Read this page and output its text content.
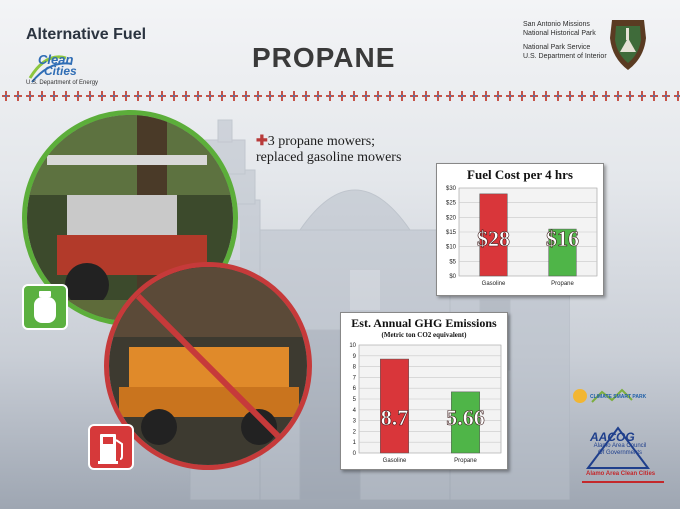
Alternative Fuel
Clean
Cities
U.S. Department of Energy
PROPANE
San Antonio Missions
National Historical Park
National Park Service
U.S. Department of Interior
✚3 propane mowers;
replaced gasoline mowers
Fuel Cost per 4 hrs
$0
$5
$10
$15
$20
$25
$30
Gasoline
$28
Propane
$16
Est. Annual GHG Emissions
(Metric ton CO2 equivalent)
0
1
2
3
4
5
6
7
8
9
10
Gasoline
8.7
Propane
5.66
CLIMATE SMART PARK
AACOG
Alamo Area Council Of Governments
Alamo Area Clean Cities
